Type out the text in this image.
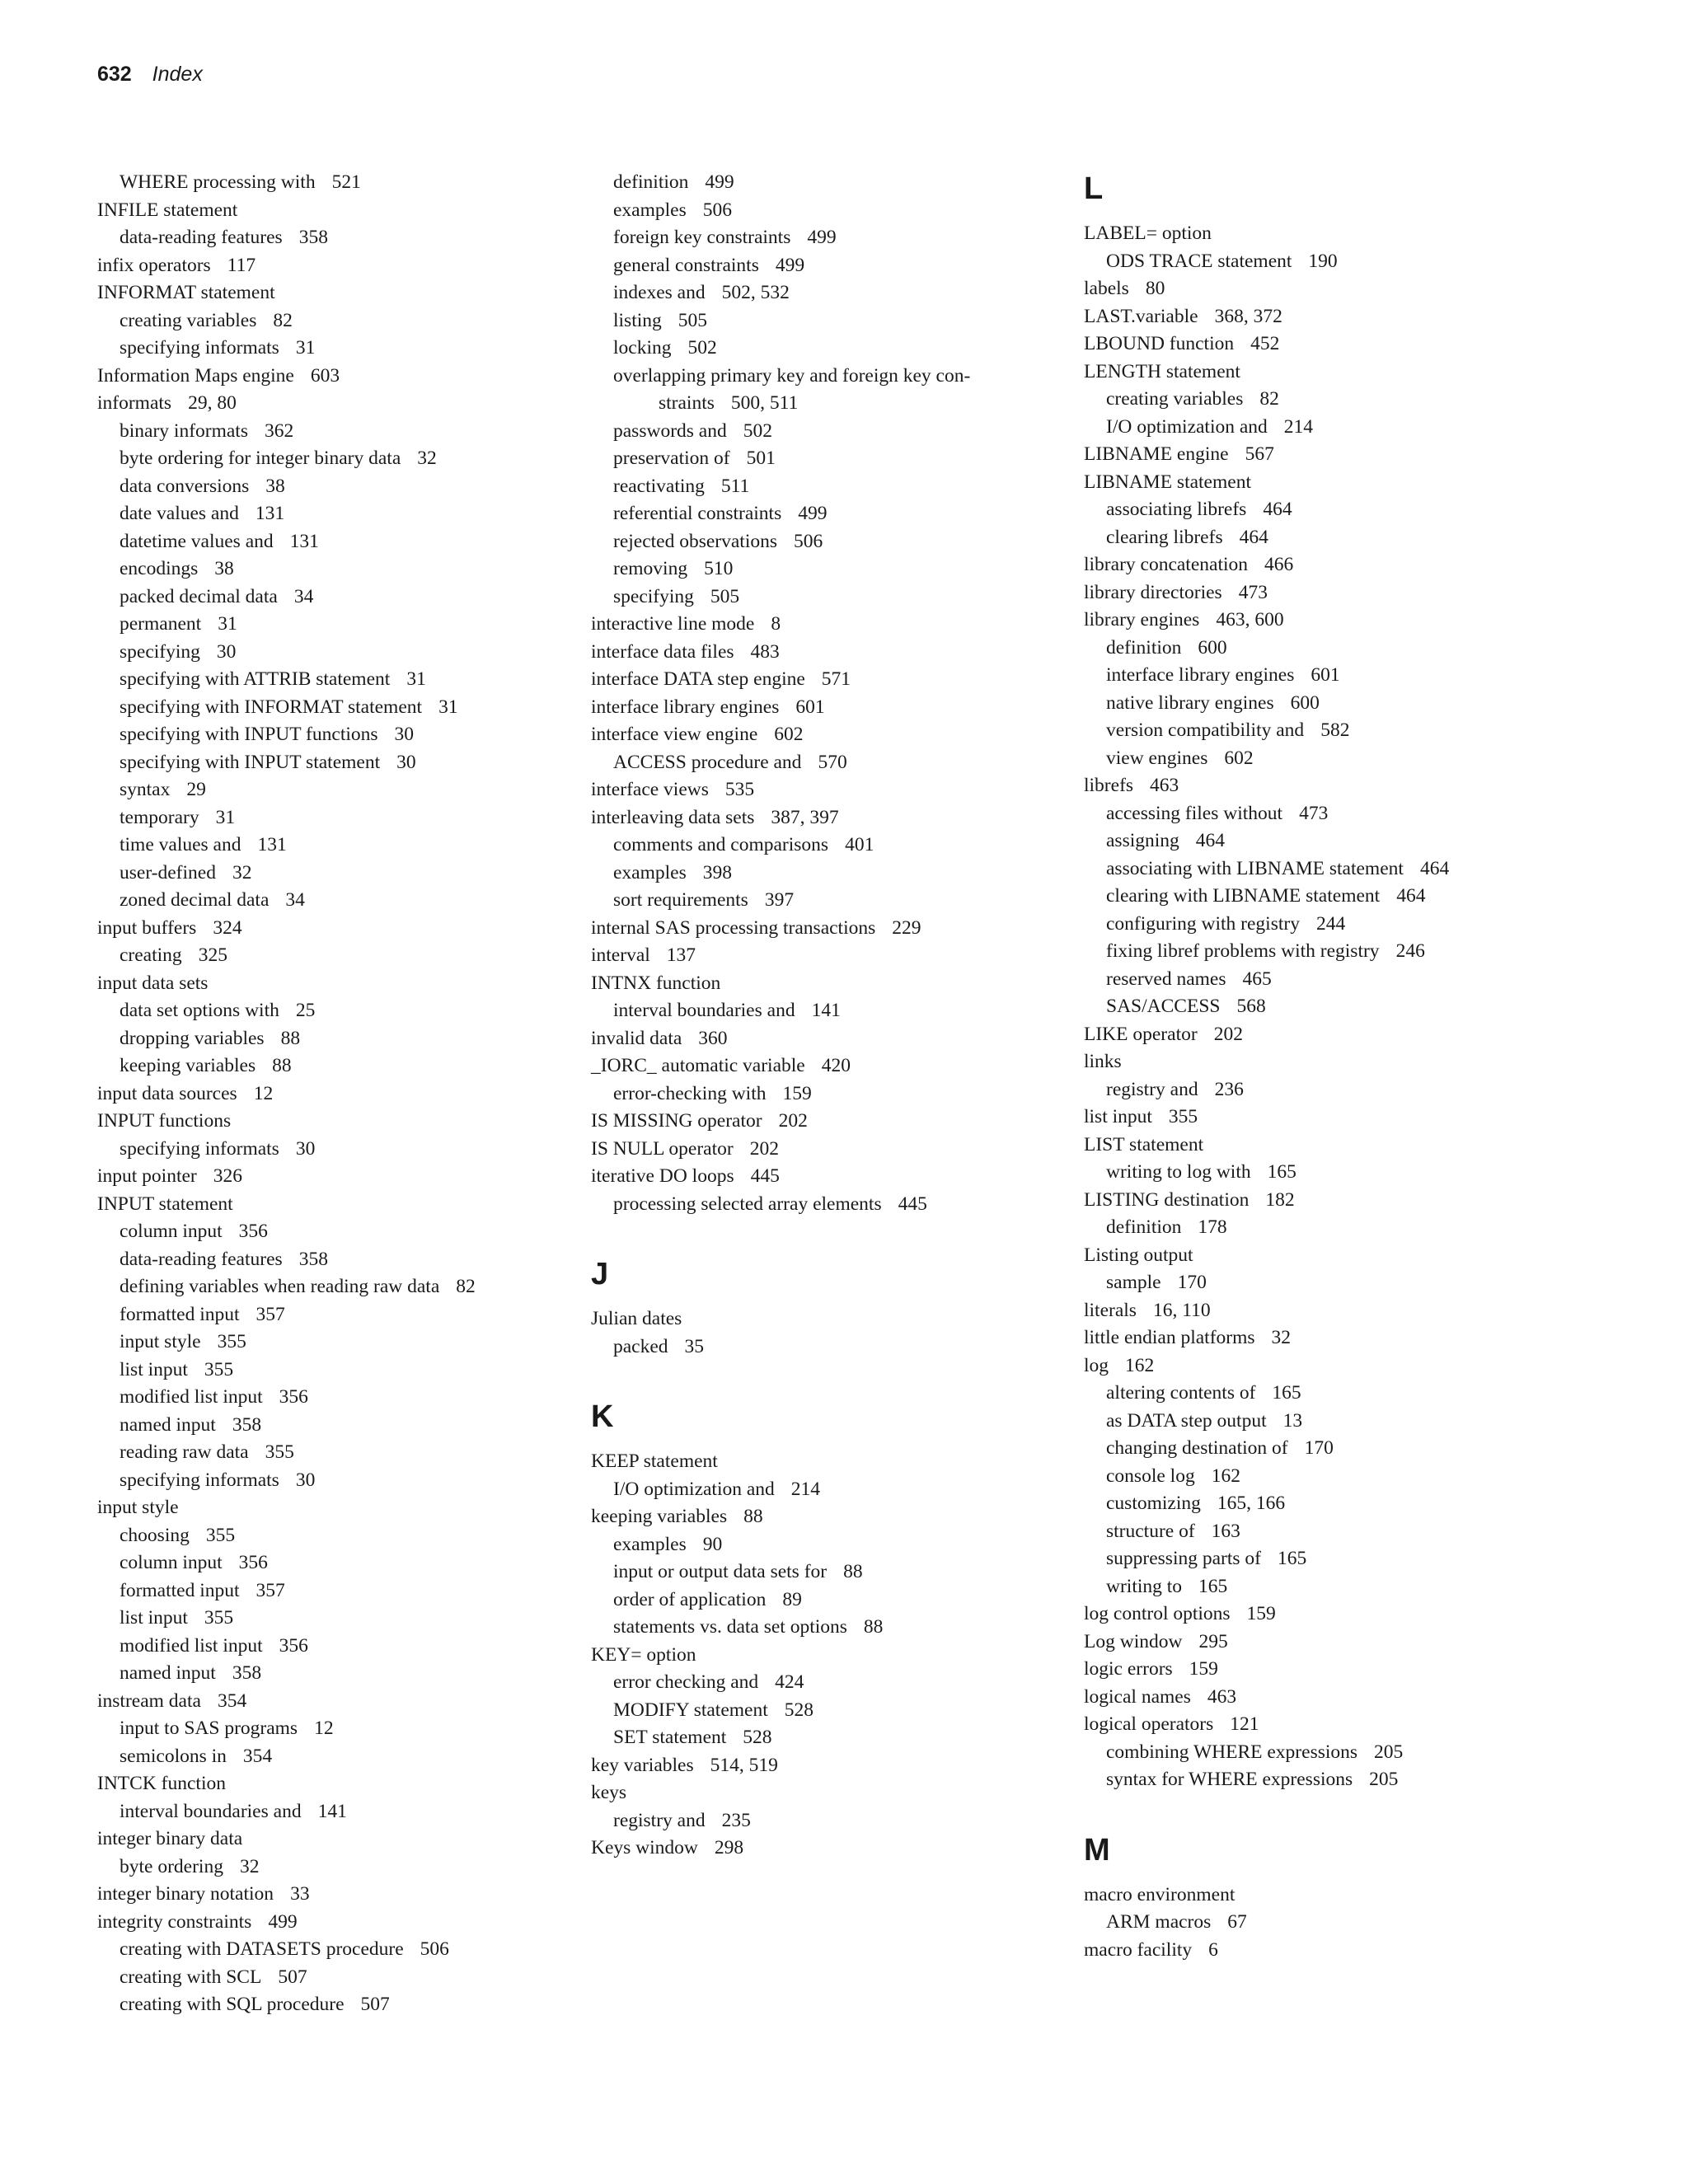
632 Index
WHERE processing with 521
INFILE statement
data-reading features 358
infix operators 117
INFORMAT statement
creating variables 82
specifying informats 31
Information Maps engine 603
informats 29, 80
binary informats 362
byte ordering for integer binary data 32
data conversions 38
date values and 131
datetime values and 131
encodings 38
packed decimal data 34
permanent 31
specifying 30
specifying with ATTRIB statement 31
specifying with INFORMAT statement 31
specifying with INPUT functions 30
specifying with INPUT statement 30
syntax 29
temporary 31
time values and 131
user-defined 32
zoned decimal data 34
input buffers 324
creating 325
input data sets
data set options with 25
dropping variables 88
keeping variables 88
input data sources 12
INPUT functions
specifying informats 30
input pointer 326
INPUT statement
column input 356
data-reading features 358
defining variables when reading raw data 82
formatted input 357
input style 355
list input 355
modified list input 356
named input 358
reading raw data 355
specifying informats 30
input style
choosing 355
column input 356
formatted input 357
list input 355
modified list input 356
named input 358
instream data 354
input to SAS programs 12
semicolons in 354
INTCK function
interval boundaries and 141
integer binary data
byte ordering 32
integer binary notation 33
integrity constraints 499
creating with DATASETS procedure 506
creating with SCL 507
creating with SQL procedure 507
definition 499
examples 506
foreign key constraints 499
general constraints 499
indexes and 502, 532
listing 505
locking 502
overlapping primary key and foreign key con-
straints 500, 511
passwords and 502
preservation of 501
reactivating 511
referential constraints 499
rejected observations 506
removing 510
specifying 505
interactive line mode 8
interface data files 483
interface DATA step engine 571
interface library engines 601
interface view engine 602
ACCESS procedure and 570
interface views 535
interleaving data sets 387, 397
comments and comparisons 401
examples 398
sort requirements 397
internal SAS processing transactions 229
interval 137
INTNX function
interval boundaries and 141
invalid data 360
_IORC_ automatic variable 420
error-checking with 159
IS MISSING operator 202
IS NULL operator 202
iterative DO loops 445
processing selected array elements 445
J
Julian dates
packed 35
K
KEEP statement
I/O optimization and 214
keeping variables 88
examples 90
input or output data sets for 88
order of application 89
statements vs. data set options 88
KEY= option
error checking and 424
MODIFY statement 528
SET statement 528
key variables 514, 519
keys
registry and 235
Keys window 298
L
LABEL= option
ODS TRACE statement 190
labels 80
LAST.variable 368, 372
LBOUND function 452
LENGTH statement
creating variables 82
I/O optimization and 214
LIBNAME engine 567
LIBNAME statement
associating librefs 464
clearing librefs 464
library concatenation 466
library directories 473
library engines 463, 600
definition 600
interface library engines 601
native library engines 600
version compatibility and 582
view engines 602
librefs 463
accessing files without 473
assigning 464
associating with LIBNAME statement 464
clearing with LIBNAME statement 464
configuring with registry 244
fixing libref problems with registry 246
reserved names 465
SAS/ACCESS 568
LIKE operator 202
links
registry and 236
list input 355
LIST statement
writing to log with 165
LISTING destination 182
definition 178
Listing output
sample 170
literals 16, 110
little endian platforms 32
log 162
altering contents of 165
as DATA step output 13
changing destination of 170
console log 162
customizing 165, 166
structure of 163
suppressing parts of 165
writing to 165
log control options 159
Log window 295
logic errors 159
logical names 463
logical operators 121
combining WHERE expressions 205
syntax for WHERE expressions 205
M
macro environment
ARM macros 67
macro facility 6
